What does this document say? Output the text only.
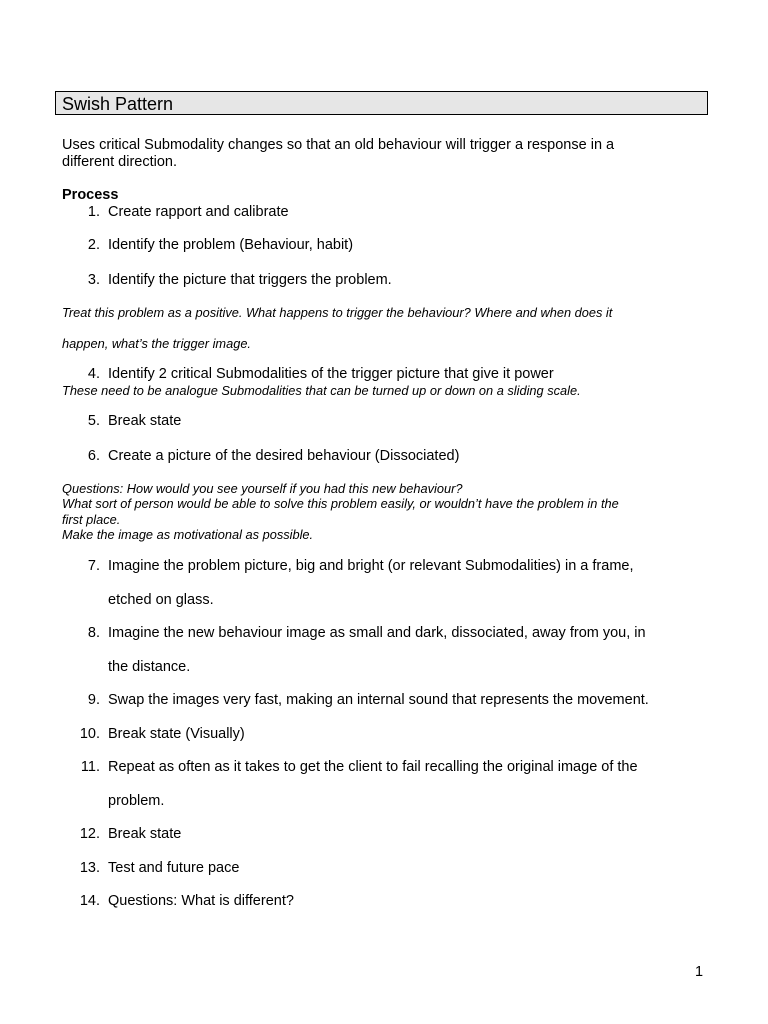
Swish Pattern
Uses critical Submodality changes so that an old behaviour will trigger a response in a
different direction.
Process
1. Create rapport and calibrate
2. Identify the problem (Behaviour, habit)
3. Identify the picture that triggers the problem.
Treat this problem as a positive. What happens to trigger the behaviour? Where and when does it
happen, what’s the trigger image.
4. Identify 2 critical Submodalities of the trigger picture that give it power
These need to be analogue Submodalities that can be turned up or down on a sliding scale.
5. Break state
6. Create a picture of the desired behaviour (Dissociated)
Questions: How would you see yourself if you had this new behaviour?
What sort of person would be able to solve this problem easily, or wouldn’t have the problem in the
first place.
Make the image as motivational as possible.
7. Imagine the problem picture, big and bright (or relevant Submodalities) in a frame,
etched on glass.
8. Imagine the new behaviour image as small and dark, dissociated, away from you, in
the distance.
9. Swap the images very fast, making an internal sound that represents the movement.
10. Break state (Visually)
11. Repeat as often as it takes to get the client to fail recalling the original image of the
problem.
12. Break state
13. Test and future pace
14. Questions: What is different?
1
